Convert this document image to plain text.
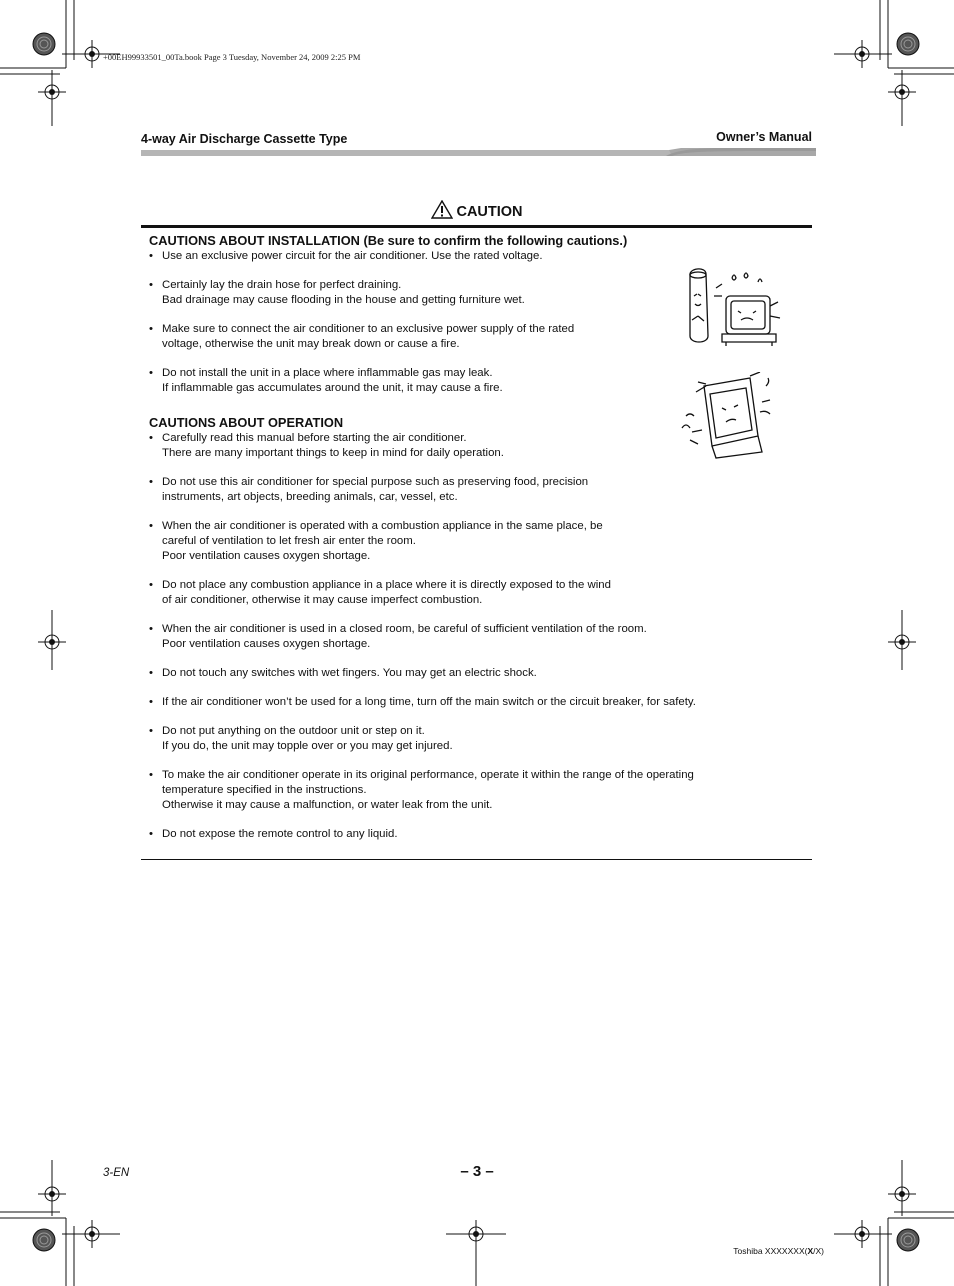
+00EH99933501_00Ta.book Page 3 Tuesday, November 24, 2009 2:25 PM
4-way Air Discharge Cassette Type	Owner’s Manual
CAUTION
CAUTIONS ABOUT INSTALLATION (Be sure to confirm the following cautions.)
• Use an exclusive power circuit for the air conditioner. Use the rated voltage.
• Certainly lay the drain hose for perfect draining.
Bad drainage may cause flooding in the house and getting furniture wet.
• Make sure to connect the air conditioner to an exclusive power supply of the rated
voltage, otherwise the unit may break down or cause a fire.
• Do not install the unit in a place where inflammable gas may leak.
If inflammable gas accumulates around the unit, it may cause a fire.
CAUTIONS ABOUT OPERATION
• Carefully read this manual before starting the air conditioner.
There are many important things to keep in mind for daily operation.
• Do not use this air conditioner for special purpose such as preserving food, precision
instruments, art objects, breeding animals, car, vessel, etc.
• When the air conditioner is operated with a combustion appliance in the same place, be
careful of ventilation to let fresh air enter the room.
Poor ventilation causes oxygen shortage.
• Do not place any combustion appliance in a place where it is directly exposed to the wind
of air conditioner, otherwise it may cause imperfect combustion.
• When the air conditioner is used in a closed room, be careful of sufficient ventilation of the room.
Poor ventilation causes oxygen shortage.
• Do not touch any switches with wet fingers. You may get an electric shock.
• If the air conditioner won’t be used for a long time, turn off the main switch or the circuit breaker, for safety.
• Do not put anything on the outdoor unit or step on it.
If you do, the unit may topple over or you may get injured.
• To make the air conditioner operate in its original performance, operate it within the range of the operating
temperature specified in the instructions.
Otherwise it may cause a malfunction, or water leak from the unit.
• Do not expose the remote control to any liquid.
3-EN	– 3 –
Toshiba XXXXXXX(X/X)
